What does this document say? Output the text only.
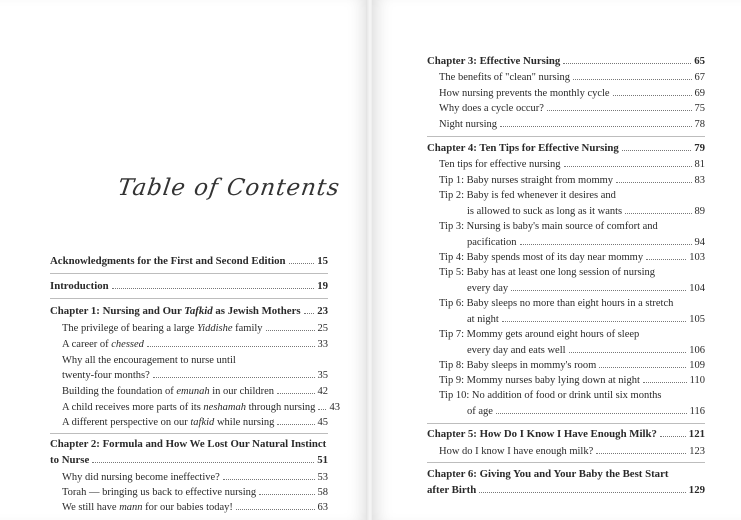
Table of Contents
Acknowledgments for the First and Second Edition	15
Introduction	19
Chapter 1: Nursing and Our Tafkid as Jewish Mothers 23
The privilege of bearing a large Yiddishe family	25
A career of chessed	33
Why all the encouragement to nurse until
twenty-four months?	35
Building the foundation of emunah in our children	42
A child receives more parts of its neshamah through nursing 43
A different perspective on our tafkid while nursing	45
Chapter 2: Formula and How We Lost Our Natural Instinct
to Nurse	51
Why did nursing become ineffective?	53
Torah — bringing us back to effective nursing	58
We still have mann for our babies today!	63
Chapter 3: Effective Nursing	65
The benefits of "clean" nursing	67
How nursing prevents the monthly cycle	69
Why does a cycle occur?	75
Night nursing	78
Chapter 4: Ten Tips for Effective Nursing	79
Ten tips for effective nursing	81
Tip 1: Baby nurses straight from mommy	83
Tip 2: Baby is fed whenever it desires and
is allowed to suck as long as it wants	89
Tip 3: Nursing is baby's main source of comfort and
pacification	94
Tip 4: Baby spends most of its day near mommy	103
Tip 5: Baby has at least one long session of nursing
every day	104
Tip 6: Baby sleeps no more than eight hours in a stretch
at night	105
Tip 7: Mommy gets around eight hours of sleep
every day and eats well	106
Tip 8: Baby sleeps in mommy's room	109
Tip 9: Mommy nurses baby lying down at night	110
Tip 10: No addition of food or drink until six months
of age	116
Chapter 5: How Do I Know I Have Enough Milk?	121
How do I know I have enough milk?	123
Chapter 6: Giving You and Your Baby the Best Start
after Birth	129
